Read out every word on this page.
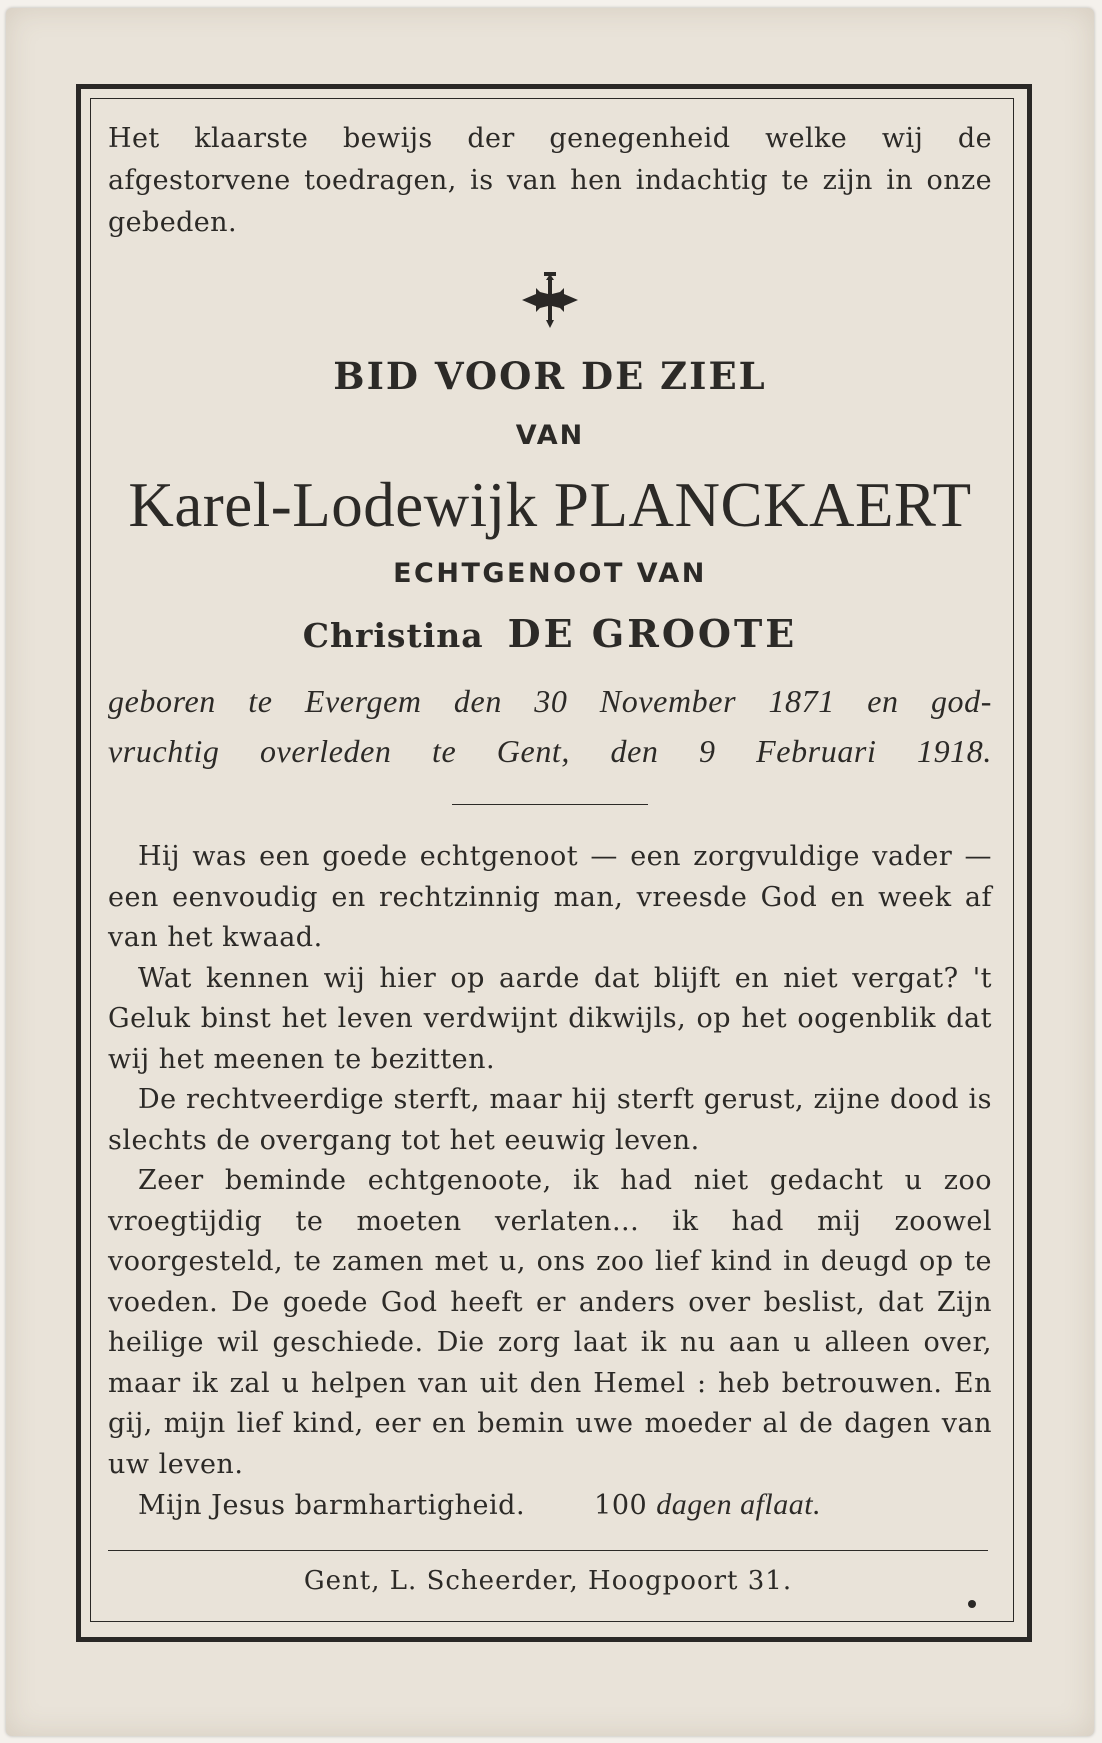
Het klaarste bewijs der genegenheid welke wij de afgestorvene toedragen, is van hen indachtig te zijn in onze gebeden.

BID VOOR DE ZIEL

VAN

Karel-Lodewijk PLANCKAERT

ECHTGENOOT VAN

Christina DE GROOTE

geboren te Evergem den 30 November 1871 en god-
vruchtig overleden te Gent, den 9 Februari 1918.

Hij was een goede echtgenoot — een zorgvuldige vader — een eenvoudig en rechtzinnig man, vreesde God en week af van het kwaad.

Wat kennen wij hier op aarde dat blijft en niet vergat? 't Geluk binst het leven verdwijnt dikwijls, op het oogenblik dat wij het meenen te bezitten.

De rechtveerdige sterft, maar hij sterft gerust, zijne dood is slechts de overgang tot het eeuwig leven.

Zeer beminde echtgenoote, ik had niet gedacht u zoo vroegtijdig te moeten verlaten... ik had mij zoowel voorgesteld, te zamen met u, ons zoo lief kind in deugd op te voeden. De goede God heeft er anders over beslist, dat Zijn heilige wil geschiede. Die zorg laat ik nu aan u alleen over, maar ik zal u helpen van uit den Hemel : heb betrouwen. En gij, mijn lief kind, eer en bemin uwe moeder al de dagen van uw leven.

Mijn Jesus barmhartigheid.	100 dagen aflaat.

Gent, L. Scheerder, Hoogpoort 31.
